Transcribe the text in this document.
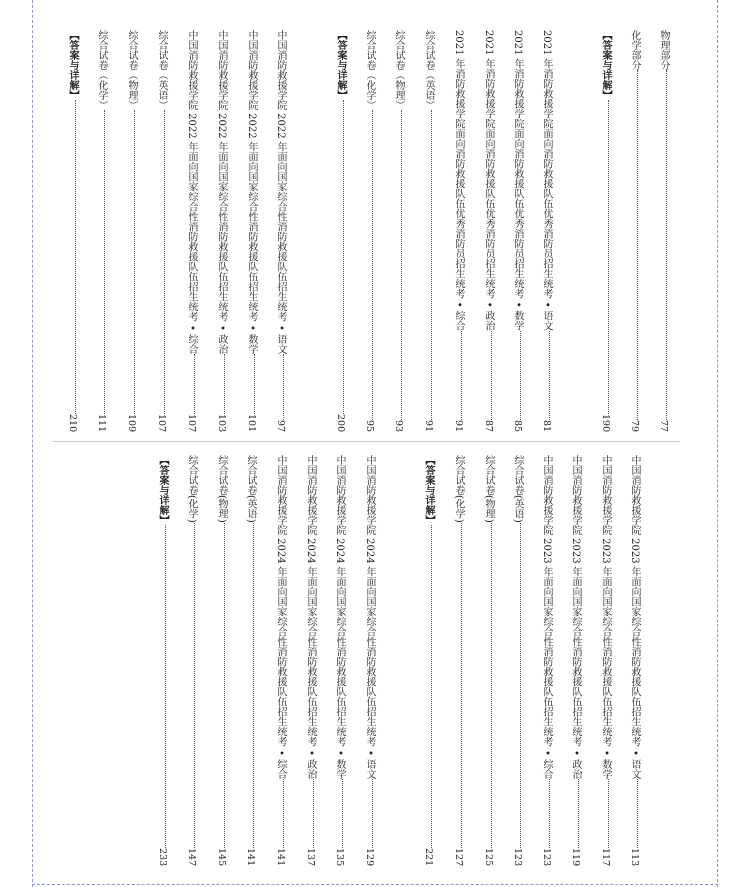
物理部分
77
化学部分
79
【答案与详解】
190
2021 年消防救援学院面向消防救援队伍优秀消防员招生统考 • 语文
81
2021 年消防救援学院面向消防救援队伍优秀消防员招生统考 • 数学
85
2021 年消防救援学院面向消防救援队伍优秀消防员招生统考 • 政治
87
2021 年消防救援学院面向消防救援队伍优秀消防员招生统考 • 综合
91
综合试卷（英语）
91
综合试卷（物理）
93
综合试卷（化学）
95
【答案与详解】
200
中国消防救援学院 2022 年面向国家综合性消防救援队伍招生统考 • 语文
97
中国消防救援学院 2022 年面向国家综合性消防救援队伍招生统考 • 数学
101
中国消防救援学院 2022 年面向国家综合性消防救援队伍招生统考 • 政治
103
中国消防救援学院 2022 年面向国家综合性消防救援队伍招生统考 • 综合
107
综合试卷（英语）
107
综合试卷（物理）
109
综合试卷（化学）
111
【答案与详解】
210
中国消防救援学院 2023 年面向国家综合性消防救援队伍招生统考 • 语文
113
中国消防救援学院 2023 年面向国家综合性消防救援队伍招生统考 • 数学
117
中国消防救援学院 2023 年面向国家综合性消防救援队伍招生统考 • 政治
119
中国消防救援学院 2023 年面向国家综合性消防救援队伍招生统考 • 综合
123
综合试卷(英语)
123
综合试卷(物理)
125
综合试卷(化学)
127
【答案与详解】
221
中国消防救援学院 2024 年面向国家综合性消防救援队伍招生统考 • 语文
129
中国消防救援学院 2024 年面向国家综合性消防救援队伍招生统考 • 数学
135
中国消防救援学院 2024 年面向国家综合性消防救援队伍招生统考 • 政治
137
中国消防救援学院 2024 年面向国家综合性消防救援队伍招生统考 • 综合
141
综合试卷(英语)
141
综合试卷(物理)
145
综合试卷(化学)
147
【答案与详解】
233
